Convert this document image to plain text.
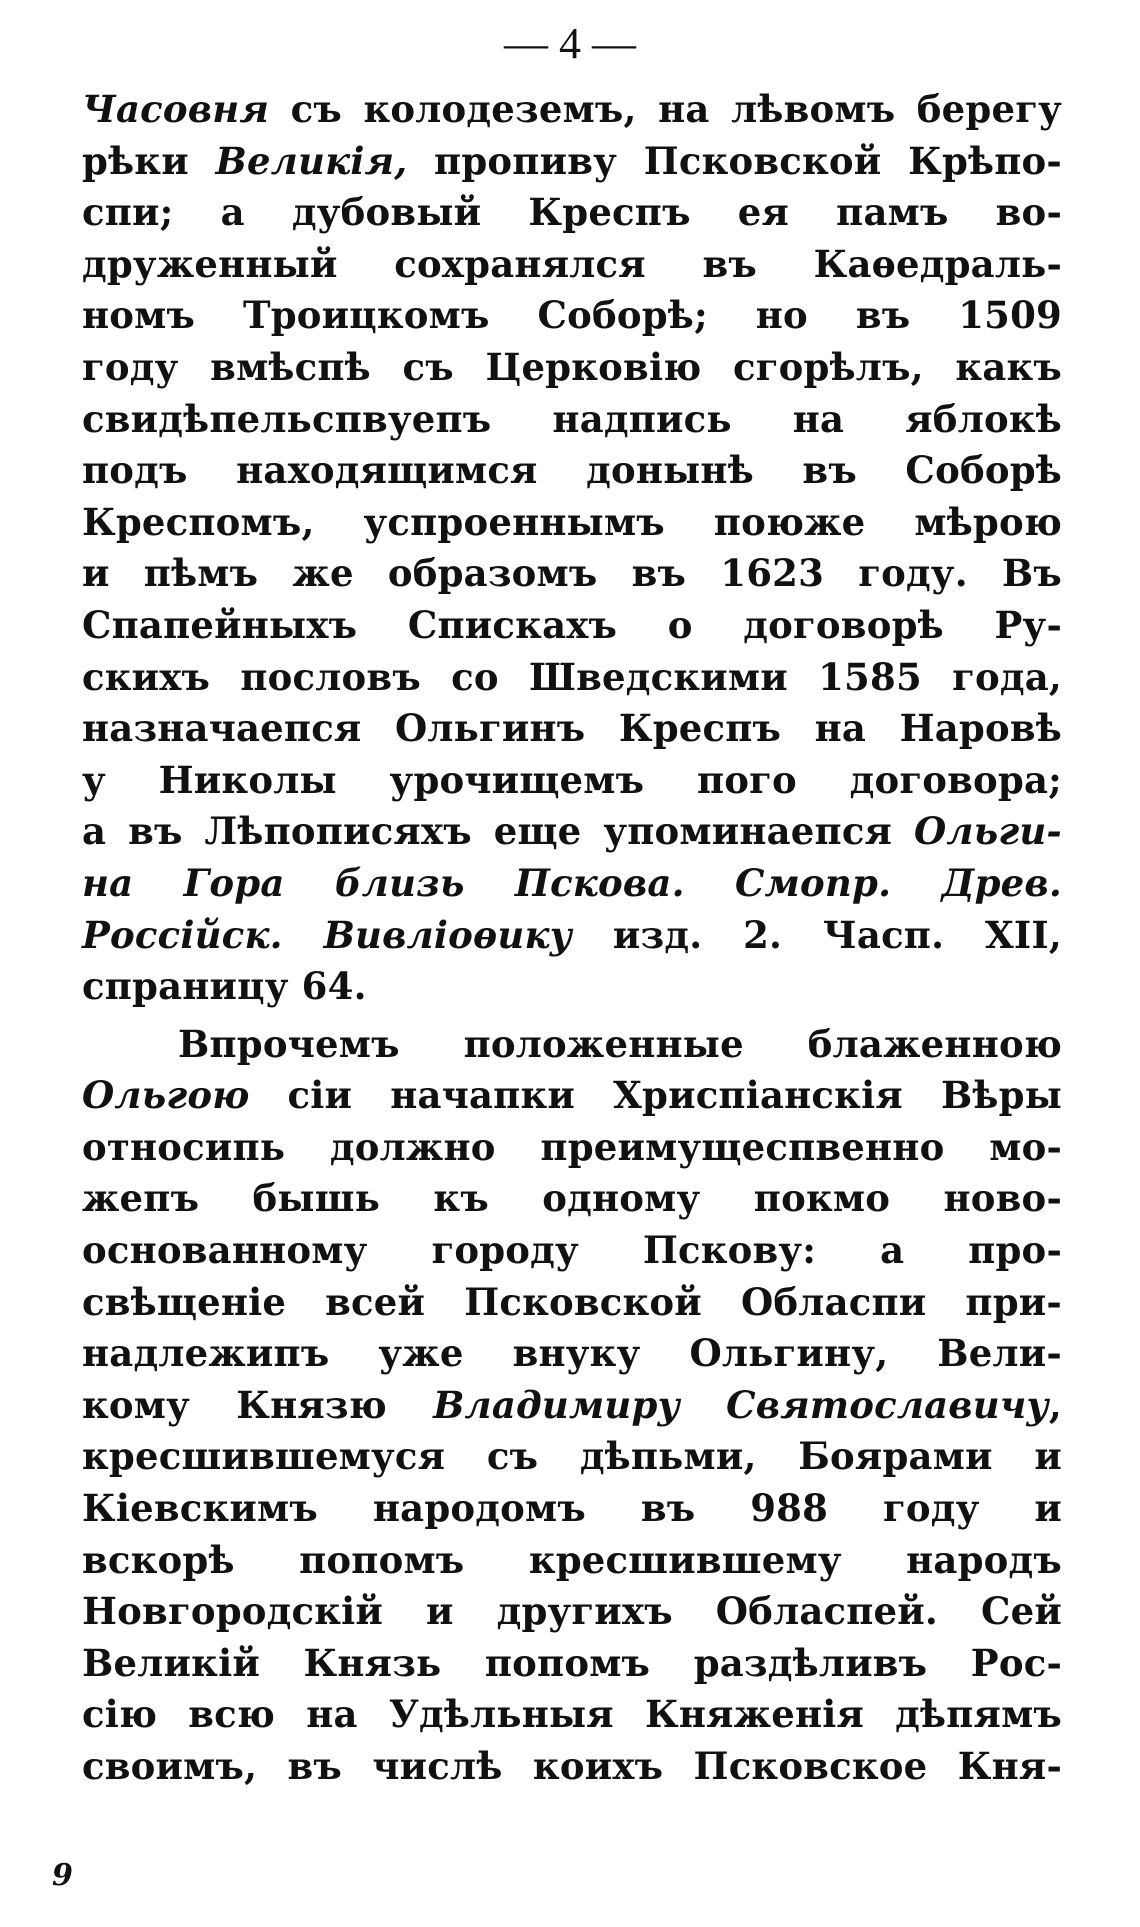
— 4 —
Часовня съ колодеземъ, на лѣвомъ берегу
рѣки Великія, пропиву Псковской Крѣпо-
спи; а дубовый Креспъ ея памъ во-
друженный сохранялся въ Каѳедраль-
номъ Троицкомъ Соборѣ; но въ 1509
году вмѣспѣ съ Церковію сгорѣлъ, какъ
свидѣпельспвуепъ надпись на яблокѣ
подъ находящимся донынѣ въ Соборѣ
Креспомъ, успроеннымъ поюже мѣрою
и пѣмъ же образомъ въ 1623 году. Въ
Спапейныхъ Спискахъ о договорѣ Ру-
скихъ пословъ со Шведскими 1585 года,
назначаепся Ольгинъ Креспъ на Наровѣ
у Николы урочищемъ пого договора;
а въ Лѣпописяхъ еще упоминаепся Ольги-
на Гора близь Пскова. Смопр. Древ.
Россійск. Вивліоѳику изд. 2. Часп. XII,
спраницу 64.
Впрочемъ положенные блаженною
Ольгою сіи начапки Хриспіанскія Вѣры
относипь должно преимущеспвенно мо-
жепъ бышь къ одному покмо ново-
основанному городу Пскову: а про-
свѣщеніе всей Псковской Обласпи при-
надлежипъ уже внуку Ольгину, Вели-
кому Князю Владимиру Святославичу,
кресшившемуся съ дѣпьми, Боярами и
Кіевскимъ народомъ въ 988 году и
вскорѣ попомъ кресшившему народъ
Новгородскій и другихъ Обласпей. Сей
Великій Князь попомъ раздѣливъ Рос-
сію всю на Удѣльныя Княженія дѣпямъ
своимъ, въ числѣ коихъ Псковское Кня-
9
